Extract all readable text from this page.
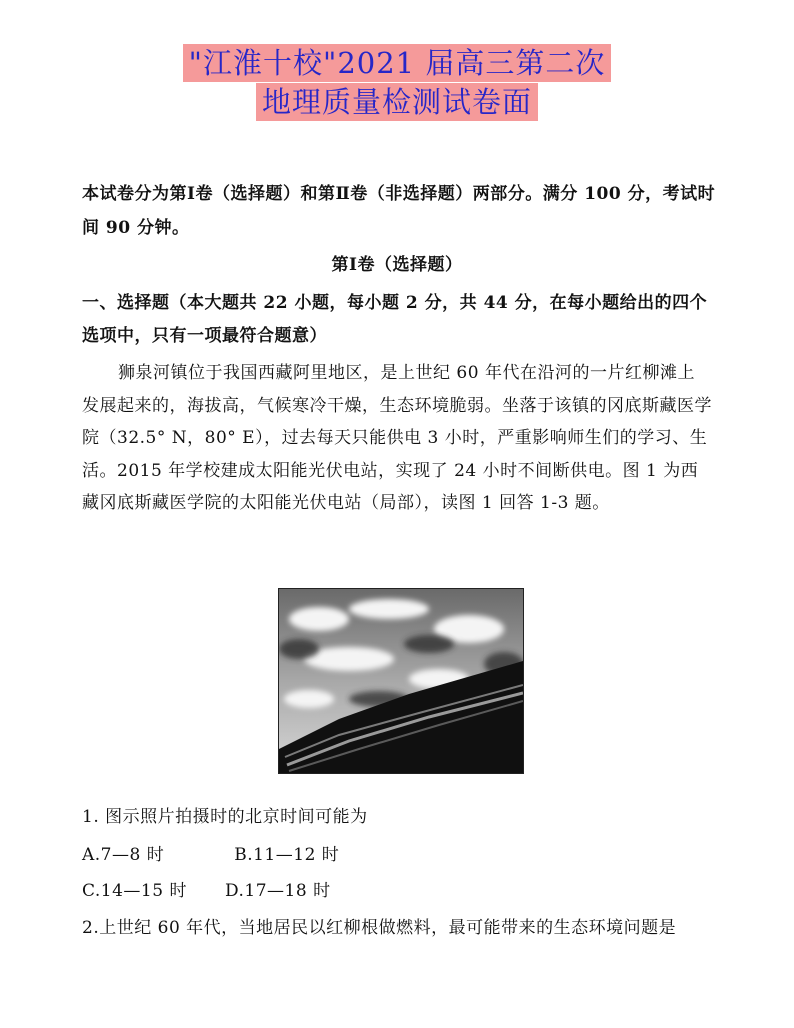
"江淮十校"2021 届高三第二次
地理质量检测试卷面
本试卷分为第Ⅰ卷（选择题）和第Ⅱ卷（非选择题）两部分。满分 100 分，考试时间 90 分钟。
第Ⅰ卷（选择题）
一、选择题（本大题共 22 小题，每小题 2 分，共 44 分，在每小题给出的四个选项中，只有一项最符合题意）
狮泉河镇位于我国西藏阿里地区，是上世纪 60 年代在沿河的一片红柳滩上发展起来的，海拔高，气候寒冷干燥，生态环境脆弱。坐落于该镇的冈底斯藏医学院（32.5° N，80° E），过去每天只能供电 3 小时，严重影响师生们的学习、生活。2015 年学校建成太阳能光伏电站，实现了 24 小时不间断供电。图 1 为西藏冈底斯藏医学院的太阳能光伏电站（局部），读图 1 回答 1-3 题。
1. 图示照片拍摄时的北京时间可能为
A.7—8 时	B.11—12 时
C.14—15 时 D.17—18 时
2.上世纪 60 年代，当地居民以红柳根做燃料，最可能带来的生态环境问题是
